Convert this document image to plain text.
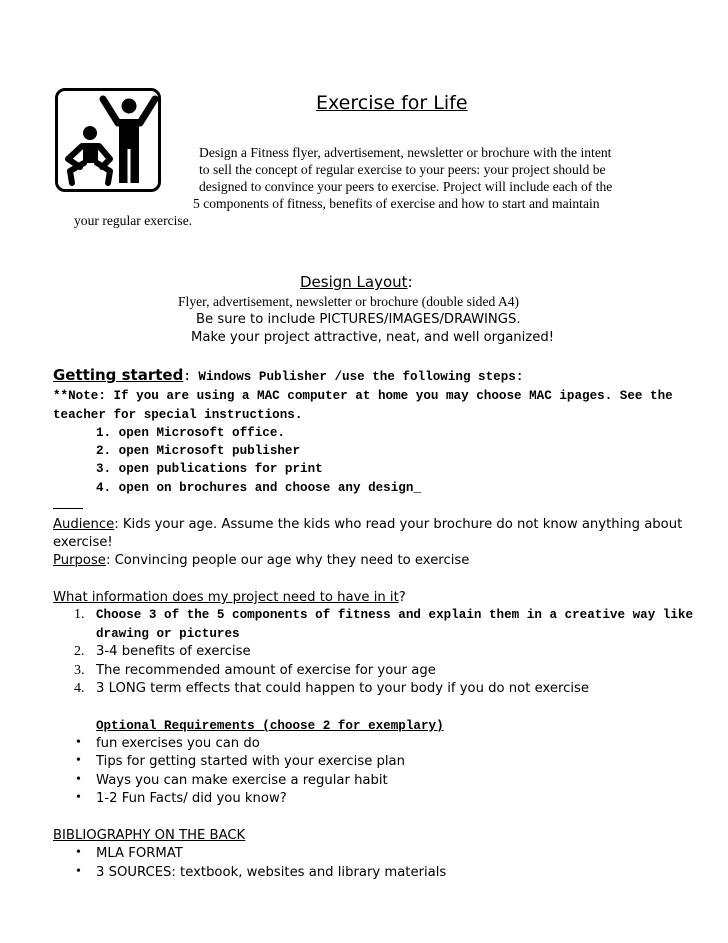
Exercise for Life
Design a Fitness flyer, advertisement, newsletter or brochure with the intent
to sell the concept of regular exercise to your peers: your project should be
designed to convince your peers to exercise. Project will include each of the
5 components of fitness, benefits of exercise and how to start and maintain
your regular exercise.
Design Layout:
Flyer, advertisement, newsletter or brochure (double sided A4)
Be sure to include PICTURES/IMAGES/DRAWINGS.
Make your project attractive, neat, and well organized!
Getting started: Windows Publisher /use the following steps:
**Note: If you are using a MAC computer at home you may choose MAC ipages. See the
teacher for special instructions.
1. open Microsoft office.
2. open Microsoft publisher
3. open publications for print
4. open on brochures and choose any design_
Audience: Kids your age. Assume the kids who read your brochure do not know anything about
exercise!
Purpose: Convincing people our age why they need to exercise
What information does my project need to have in it?
1. Choose 3 of the 5 components of fitness and explain them in a creative way like
drawing or pictures
2. 3-4 benefits of exercise
3. The recommended amount of exercise for your age
4. 3 LONG term effects that could happen to your body if you do not exercise
Optional Requirements (choose 2 for exemplary)
• fun exercises you can do
• Tips for getting started with your exercise plan
• Ways you can make exercise a regular habit
• 1-2 Fun Facts/ did you know?
BIBLIOGRAPHY ON THE BACK
• MLA FORMAT
• 3 SOURCES: textbook, websites and library materials
